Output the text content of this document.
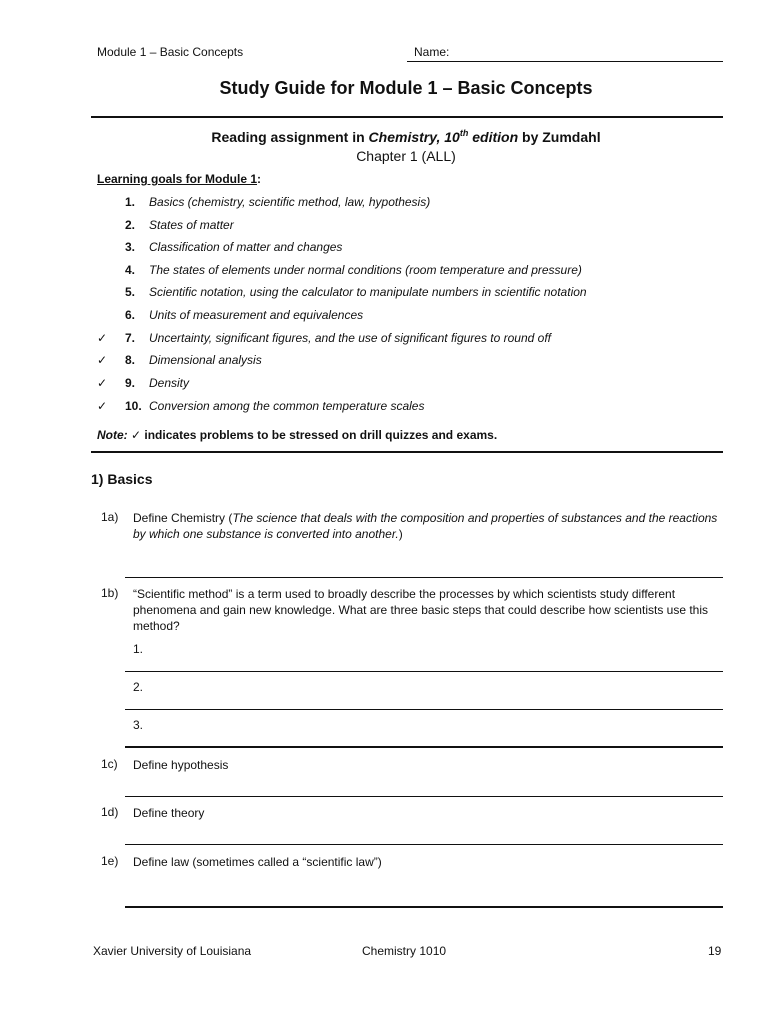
Module 1 – Basic Concepts	Name:
Study Guide for Module 1 – Basic Concepts
Reading assignment in Chemistry, 10th edition by Zumdahl
Chapter 1 (ALL)
Learning goals for Module 1:
1. Basics (chemistry, scientific method, law, hypothesis)
2. States of matter
3. Classification of matter and changes
4. The states of elements under normal conditions (room temperature and pressure)
5. Scientific notation, using the calculator to manipulate numbers in scientific notation
6. Units of measurement and equivalences
✓ 7. Uncertainty, significant figures, and the use of significant figures to round off
✓ 8. Dimensional analysis
✓ 9. Density
✓ 10. Conversion among the common temperature scales
Note: ✓ indicates problems to be stressed on drill quizzes and exams.
1) Basics
1a) Define Chemistry (The science that deals with the composition and properties of substances and the reactions by which one substance is converted into another.)
1b) “Scientific method” is a term used to broadly describe the processes by which scientists study different phenomena and gain new knowledge. What are three basic steps that could describe how scientists use this method?
1.
2.
3.
1c) Define hypothesis
1d) Define theory
1e) Define law (sometimes called a “scientific law”)
Xavier University of Louisiana	Chemistry 1010	19
